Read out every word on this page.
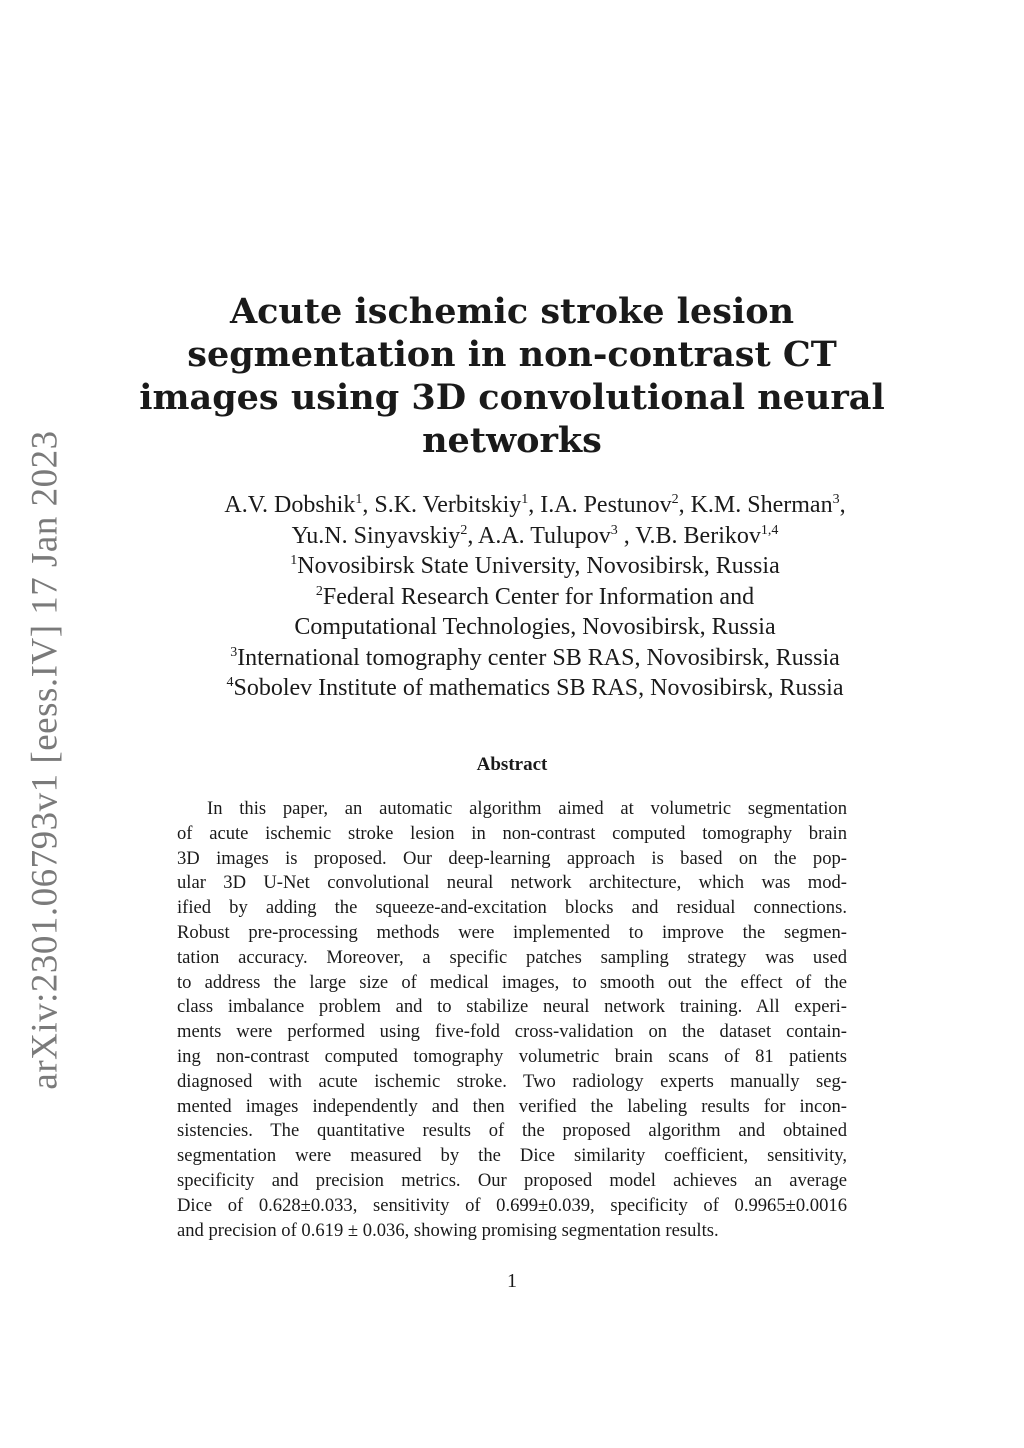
arXiv:2301.06793v1 [eess.IV] 17 Jan 2023
Acute ischemic stroke lesion
segmentation in non-contrast CT
images using 3D convolutional neural
networks
A.V. Dobshik$^1$, S.K. Verbitskiy$^1$, I.A. Pestunov$^2$, K.M. Sherman$^3$,
Yu.N. Sinyavskiy$^2$, A.A. Tulupov$^3$ , V.B. Berikov$^{1,4}$
$^1$Novosibirsk State University, Novosibirsk, Russia
$^2$Federal Research Center for Information and
Computational Technologies, Novosibirsk, Russia
$^3$International tomography center SB RAS, Novosibirsk, Russia
$^4$Sobolev Institute of mathematics SB RAS, Novosibirsk, Russia
Abstract
In this paper, an automatic algorithm aimed at volumetric segmentation
of acute ischemic stroke lesion in non-contrast computed tomography brain
3D images is proposed. Our deep-learning approach is based on the pop-
ular 3D U-Net convolutional neural network architecture, which was mod-
ified by adding the squeeze-and-excitation blocks and residual connections.
Robust pre-processing methods were implemented to improve the segmen-
tation accuracy. Moreover, a specific patches sampling strategy was used
to address the large size of medical images, to smooth out the effect of the
class imbalance problem and to stabilize neural network training. All experi-
ments were performed using five-fold cross-validation on the dataset contain-
ing non-contrast computed tomography volumetric brain scans of 81 patients
diagnosed with acute ischemic stroke. Two radiology experts manually seg-
mented images independently and then verified the labeling results for incon-
sistencies. The quantitative results of the proposed algorithm and obtained
segmentation were measured by the Dice similarity coefficient, sensitivity,
specificity and precision metrics. Our proposed model achieves an average
Dice of 0.628±0.033, sensitivity of 0.699±0.039, specificity of 0.9965±0.0016
and precision of 0.619 ± 0.036, showing promising segmentation results.
1
